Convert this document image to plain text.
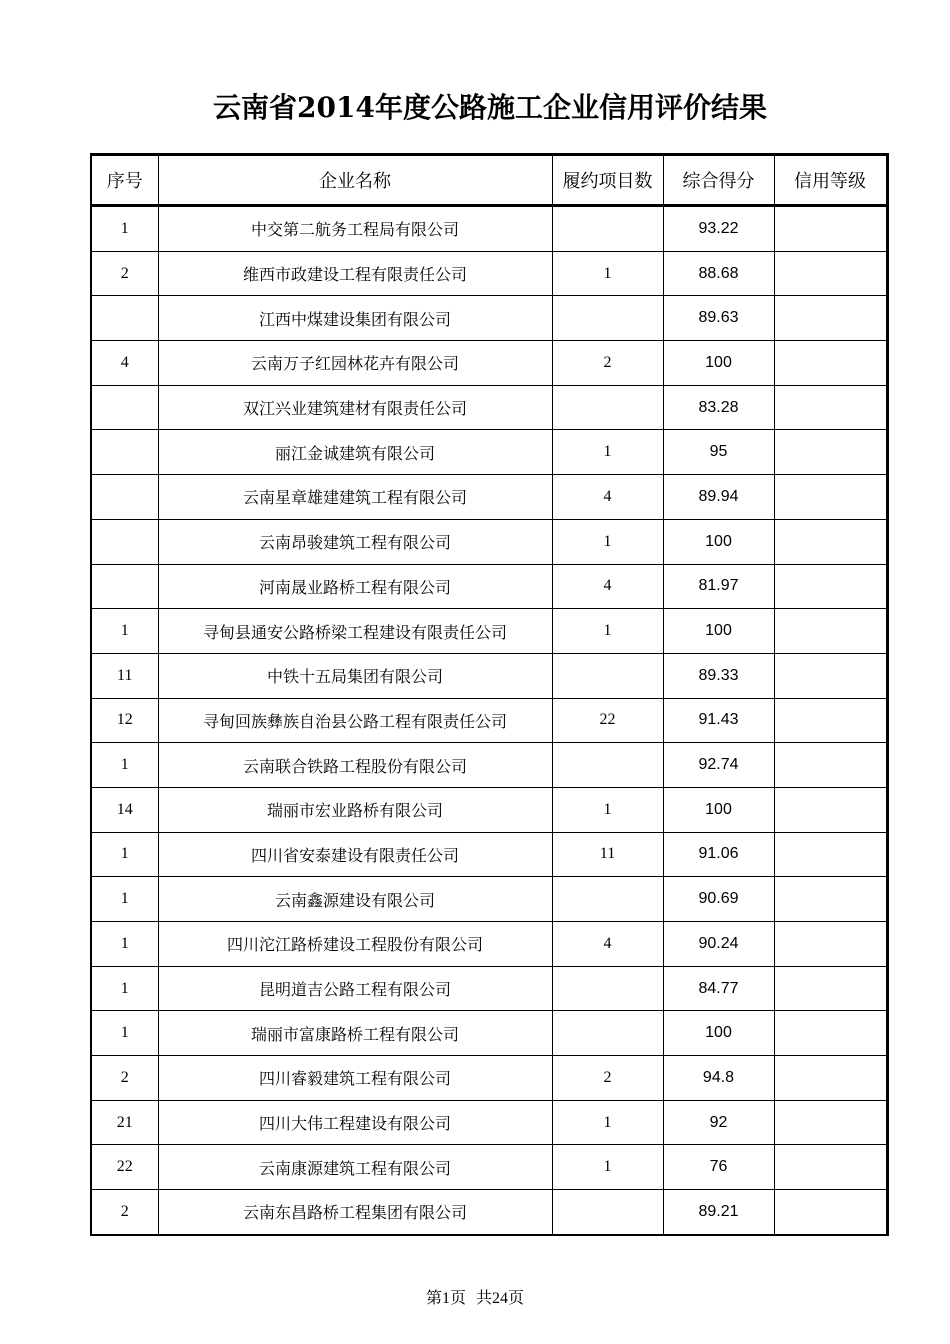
云南省2014年度公路施工企业信用评价结果
序号	企业名称	履约项目数	综合得分	信用等级
1	中交第二航务工程局有限公司		93.22	
2	维西市政建设工程有限责任公司	1	88.68	
	江西中煤建设集团有限公司		89.63	
4	云南万子红园林花卉有限公司	2	100	
	双江兴业建筑建材有限责任公司		83.28	
	丽江金诚建筑有限公司	1	95	
	云南星章雄建建筑工程有限公司	4	89.94	
	云南昂骏建筑工程有限公司	1	100	
	河南晟业路桥工程有限公司	4	81.97	
1	寻甸县通安公路桥梁工程建设有限责任公司	1	100	
11	中铁十五局集团有限公司		89.33	
12	寻甸回族彝族自治县公路工程有限责任公司	22	91.43	
1	云南联合铁路工程股份有限公司		92.74	
14	瑞丽市宏业路桥有限公司	1	100	
1	四川省安泰建设有限责任公司	11	91.06	
1	云南鑫源建设有限公司		90.69	
1	四川沱江路桥建设工程股份有限公司	4	90.24	
1	昆明道吉公路工程有限公司		84.77	
1	瑞丽市富康路桥工程有限公司		100	
2	四川睿毅建筑工程有限公司	2	94.8	
21	四川大伟工程建设有限公司	1	92	
22	云南康源建筑工程有限公司	1	76	
2	云南东昌路桥工程集团有限公司		89.21	
第1页 共24页
